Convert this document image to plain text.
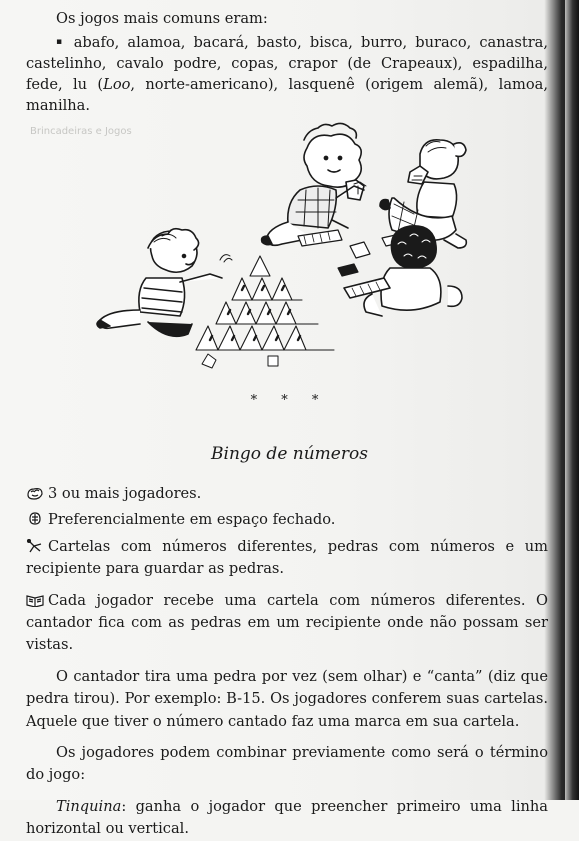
Brincadeiras e Jogos

Os jogos mais comuns eram:

▪ abafo, alamoa, bacará, basto, bisca, burro, buraco, canastra, castelinho, cavalo podre, copas, crapor (de Crapeaux), espadilha, fede, lu (Loo, norte-americano), lasquenê (origem alemã), lamoa, manilha.

* * *
Bingo de números

3 ou mais jogadores.

Preferencialmente em espaço fechado.

Cartelas com números diferentes, pedras com números e um recipiente para guardar as pedras.

Cada jogador recebe uma cartela com números diferentes. O cantador fica com as pedras em um recipiente onde não possam ser vistas.

O cantador tira uma pedra por vez (sem olhar) e “canta” (diz que pedra tirou). Por exemplo: B-15. Os jogadores conferem suas cartelas. Aquele que tiver o número cantado faz uma marca em sua cartela.

Os jogadores podem combinar previamente como será o término do jogo:

Tinquina: ganha o jogador que preencher primeiro uma linha horizontal ou vertical.
